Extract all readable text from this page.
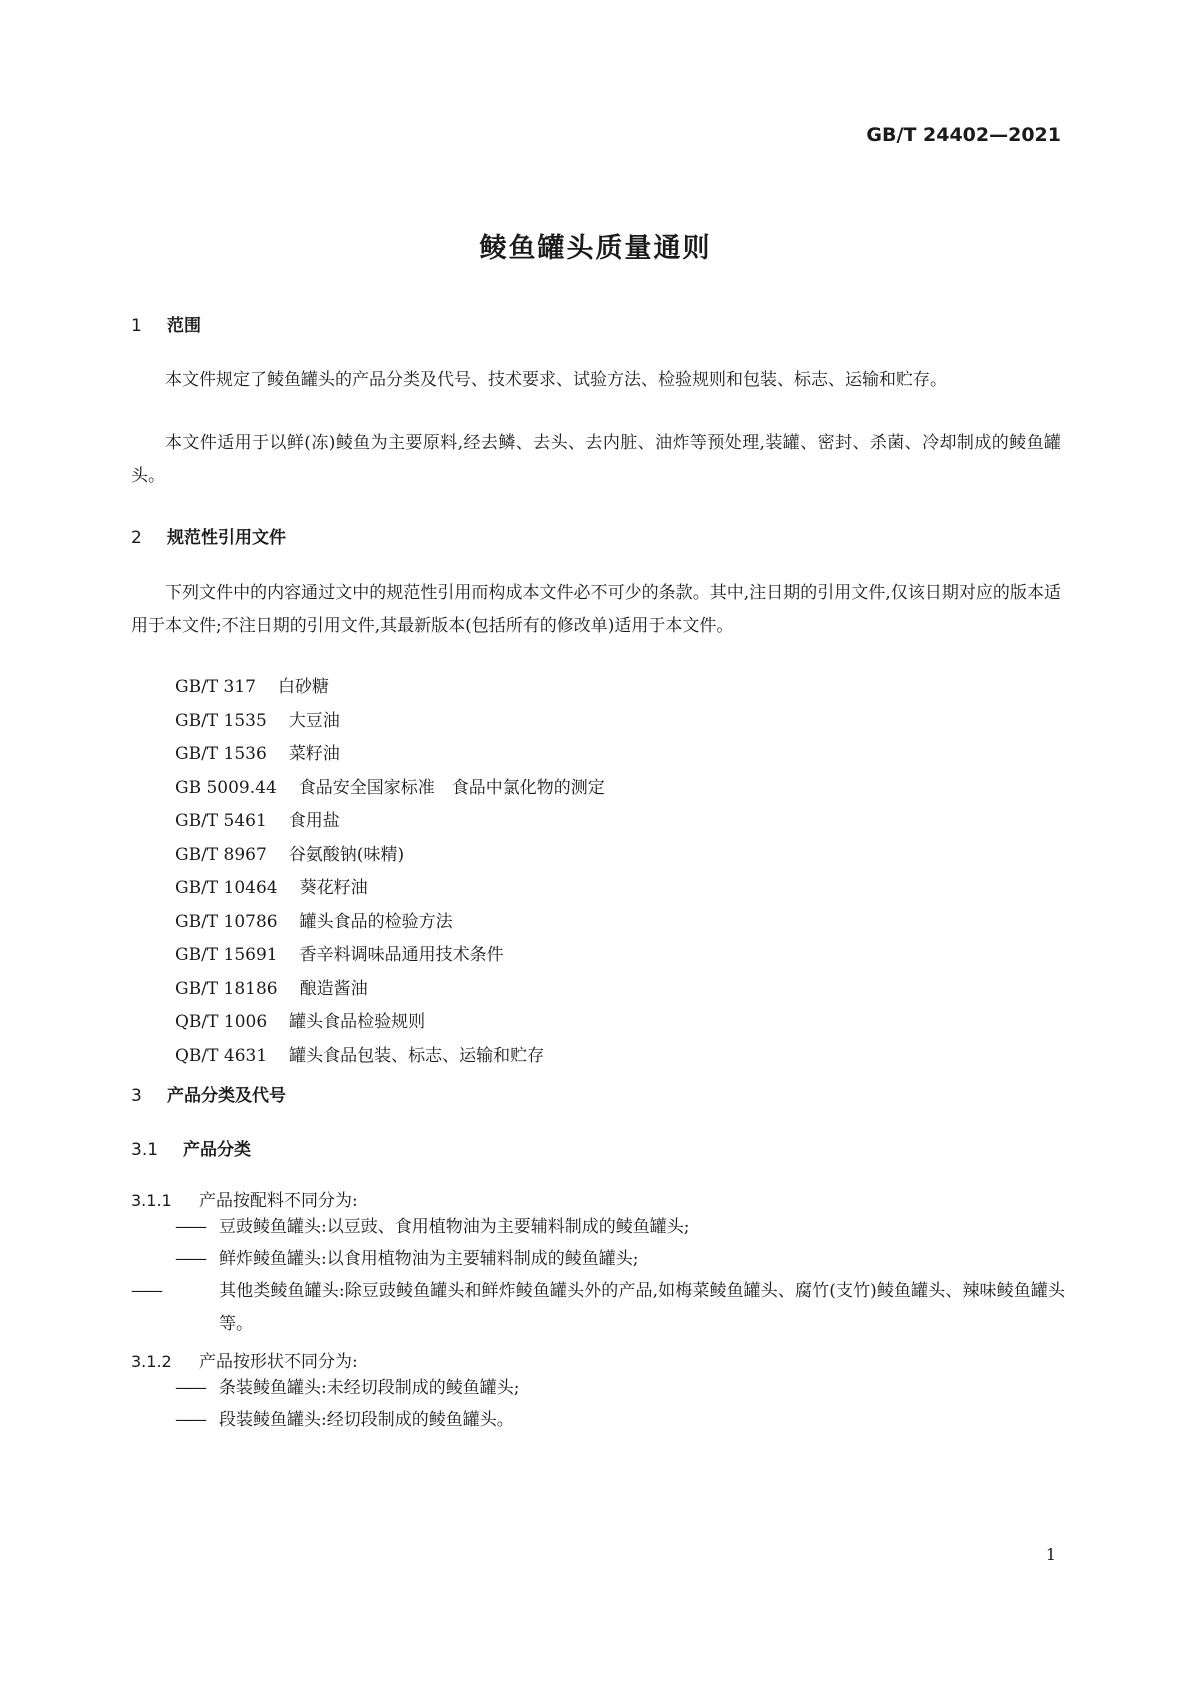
GB/T 24402—2021
鲮鱼罐头质量通则
1 范围
本文件规定了鲮鱼罐头的产品分类及代号、技术要求、试验方法、检验规则和包装、标志、运输和贮存。
本文件适用于以鲜(冻)鲮鱼为主要原料,经去鳞、去头、去内脏、油炸等预处理,装罐、密封、杀菌、冷却制成的鲮鱼罐头。
2 规范性引用文件
下列文件中的内容通过文中的规范性引用而构成本文件必不可少的条款。其中,注日期的引用文件,仅该日期对应的版本适用于本文件;不注日期的引用文件,其最新版本(包括所有的修改单)适用于本文件。
GB/T 317 白砂糖
GB/T 1535 大豆油
GB/T 1536 菜籽油
GB 5009.44 食品安全国家标准　食品中氯化物的测定
GB/T 5461 食用盐
GB/T 8967 谷氨酸钠(味精)
GB/T 10464 葵花籽油
GB/T 10786 罐头食品的检验方法
GB/T 15691 香辛料调味品通用技术条件
GB/T 18186 酿造酱油
QB/T 1006 罐头食品检验规则
QB/T 4631 罐头食品包装、标志、运输和贮存
3 产品分类及代号
3.1 产品分类
3.1.1 产品按配料不同分为:
—— 豆豉鲮鱼罐头:以豆豉、食用植物油为主要辅料制成的鲮鱼罐头;
—— 鲜炸鲮鱼罐头:以食用植物油为主要辅料制成的鲮鱼罐头;
——	其他类鲮鱼罐头:除豆豉鲮鱼罐头和鲜炸鲮鱼罐头外的产品,如梅菜鲮鱼罐头、腐竹(支竹)鲮鱼罐头、辣味鲮鱼罐头等。
3.1.2 产品按形状不同分为:
—— 条装鲮鱼罐头:未经切段制成的鲮鱼罐头;
—— 段装鲮鱼罐头:经切段制成的鲮鱼罐头。
1
